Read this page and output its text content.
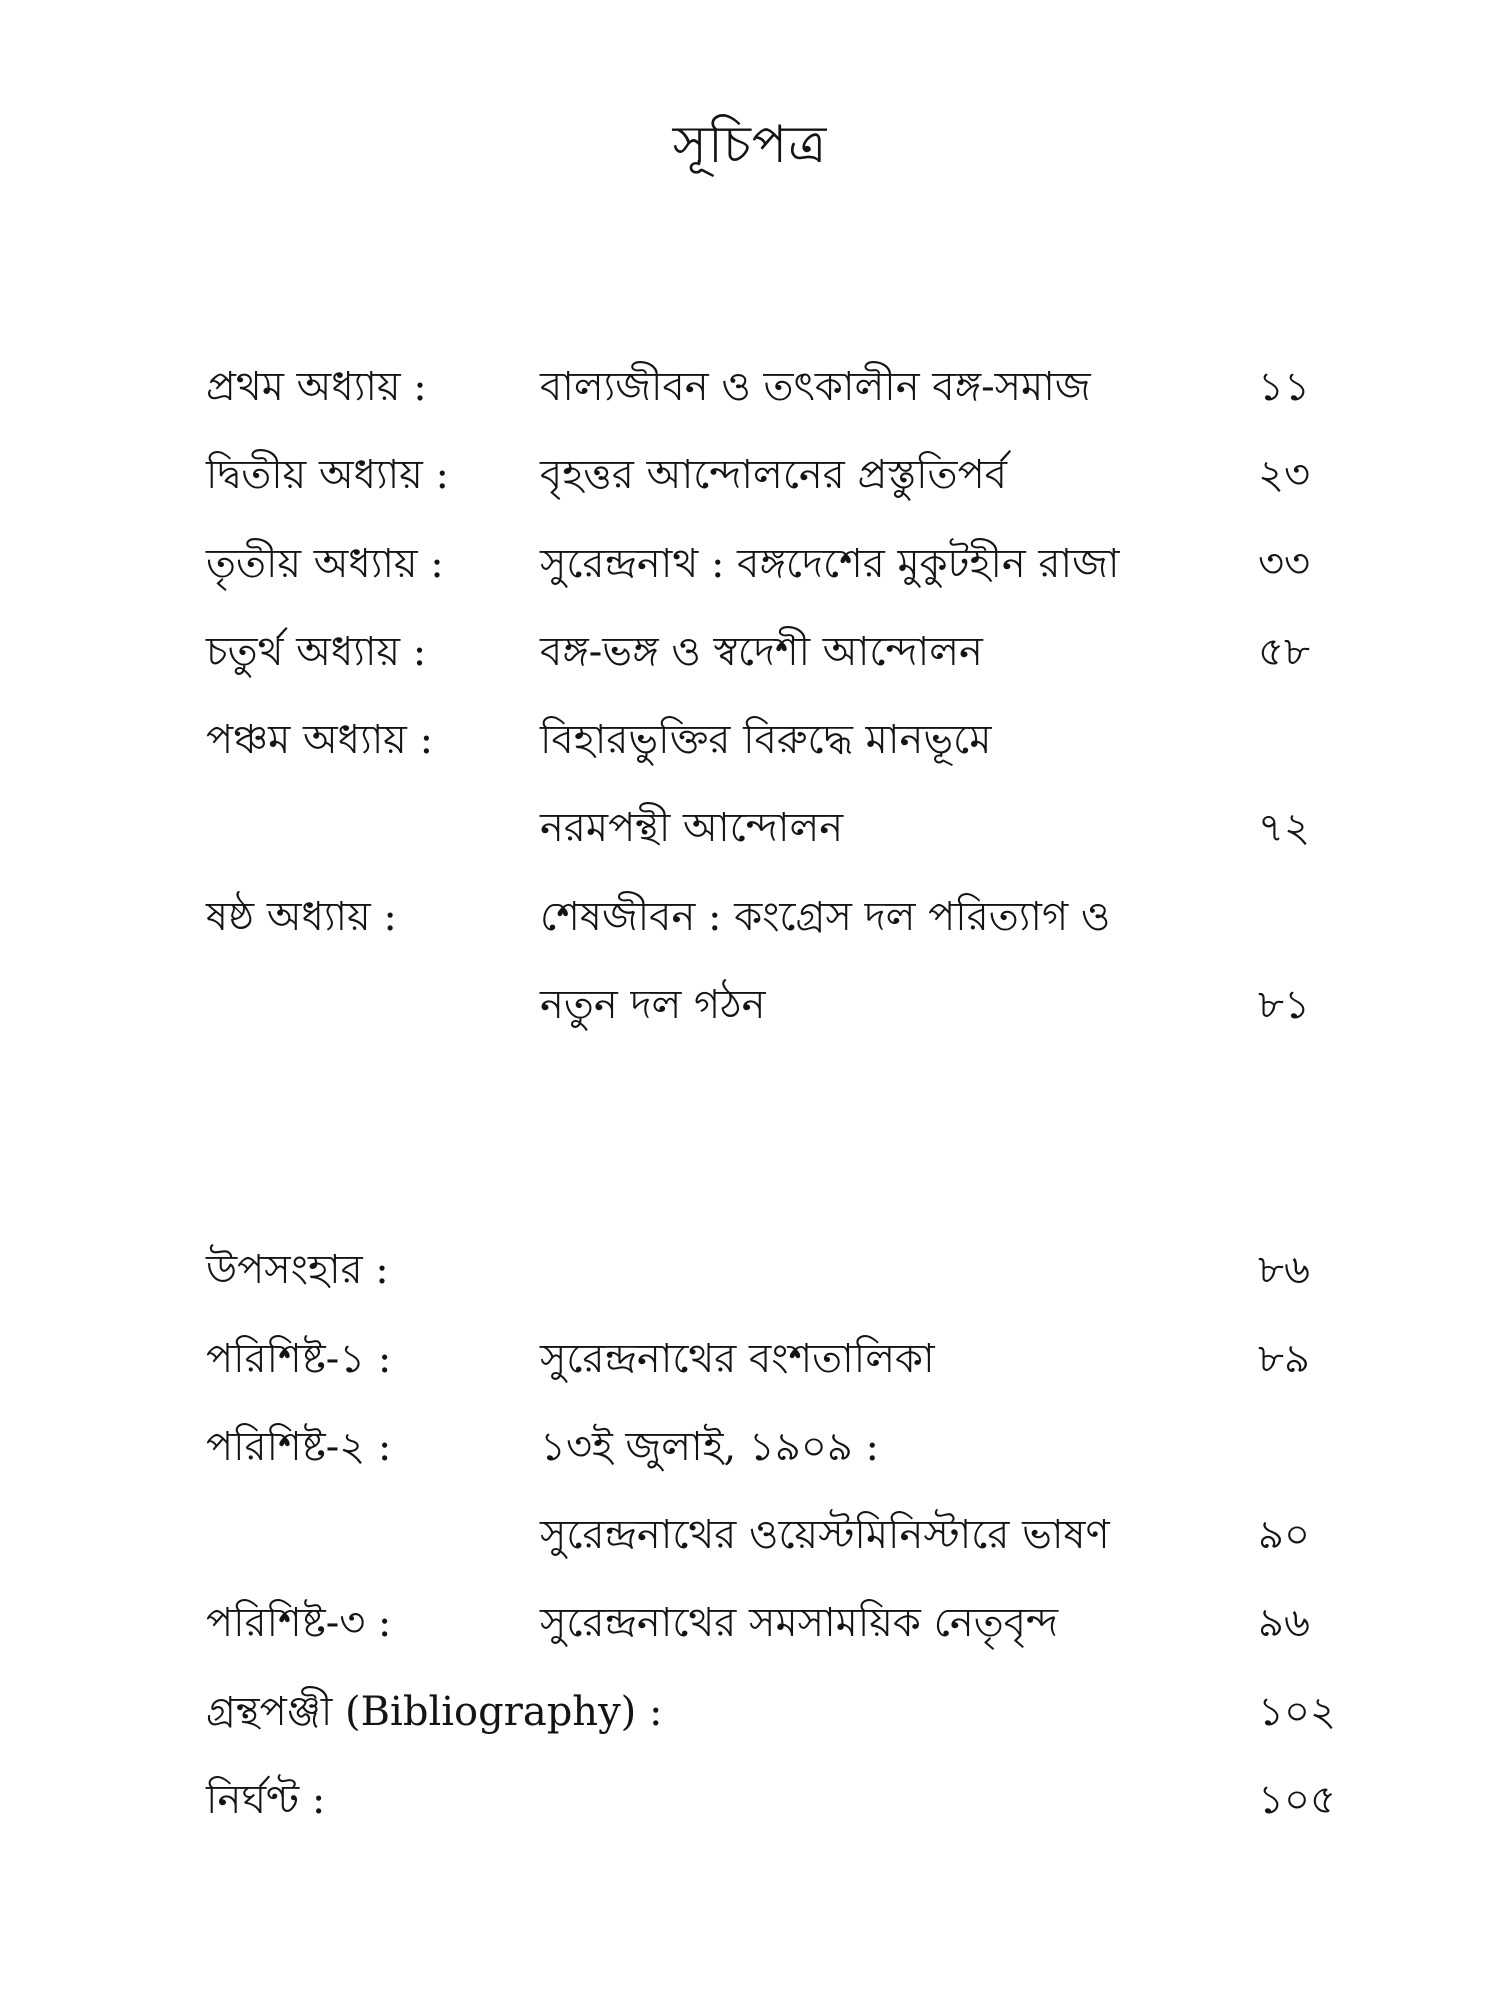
সূচিপত্র
প্রথম অধ্যায় :	বাল্যজীবন ও তৎকালীন বঙ্গ-সমাজ	১১
দ্বিতীয় অধ্যায় : বৃহত্তর আন্দোলনের প্রস্তুতিপর্ব	২৩
তৃতীয় অধ্যায় : সুরেন্দ্রনাথ : বঙ্গদেশের মুকুটহীন রাজা	৩৩
চতুর্থ অধ্যায় :	বঙ্গ-ভঙ্গ ও স্বদেশী আন্দোলন	৫৮
পঞ্চম অধ্যায় :	বিহারভুক্তির বিরুদ্ধে মানভূমে
নরমপন্থী আন্দোলন	৭২
ষষ্ঠ অধ্যায় :	শেষজীবন : কংগ্রেস দল পরিত্যাগ ও
নতুন দল গঠন	৮১
উপসংহার :	৮৬
পরিশিষ্ট-১ :	সুরেন্দ্রনাথের বংশতালিকা	৮৯
পরিশিষ্ট-২ :	১৩ই জুলাই, ১৯০৯ :
সুরেন্দ্রনাথের ওয়েস্টমিনিস্টারে ভাষণ	৯০
পরিশিষ্ট-৩ :	সুরেন্দ্রনাথের সমসাময়িক নেতৃবৃন্দ	৯৬
গ্রন্থপঞ্জী (Bibliography) :	১০২
নির্ঘণ্ট :	১০৫
